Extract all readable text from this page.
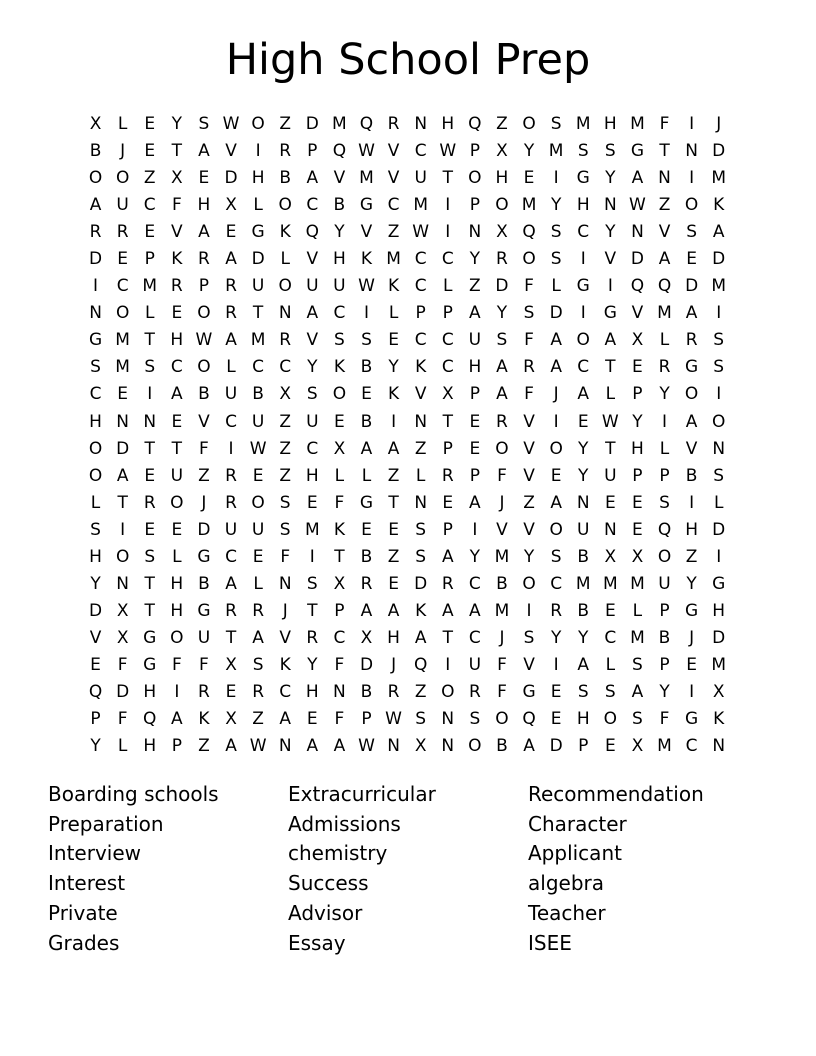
High School Prep
X L E Y S W O Z D M Q R N H Q Z O S M H M F	I	J
B	J	E T A V	I	R P Q W V C W P X Y M S S G T N D
O O Z X E D H B A V M V U T O H E	I	G Y A N	I	M
A U C F H X L O C B G C M	I	P O M Y H N W Z O K
R R E V A E G K Q Y V Z W I	N X Q S C Y N V S A
D E P K R A D L V H K M C C Y R O S	I	V D A E D
I	C M R P R U O U U W K C L Z D F	L G	I	Q Q D M
N O L E O R T N A C	I	L	P P A Y S D	I	G V M A	I
G M T H W A M R V S S E C C U S F A O A X L R S
S M S C O L C C Y K B Y K C H A R A C T E R G S
C E	I	A B U B X S O E K V X P A F	J	A L	P Y O	I
H N N E V C U Z U E B	I	N T E R V	I	E W Y	I	A O
O D T T	F	I W Z C X A A Z P E O V O Y T H L V N
O A E U Z R E Z H L	L Z L R P	F V E Y U P P B S
L	T R O	J	R O S E F G T N E A	J	Z A N E E S	I	L
S	I	E E D U U S M K E E S P	I	V V O U N E Q H D
H O S L G C E F	I	T B Z S A Y M Y S B X X O Z	I
Y N T H B A L N S X R E D R C B O C M M M U Y G
D X T H G R R	J	T P A A K A A M	I	R B E L	P G H
V X G O U T A V R C X H A T C	J	S Y Y C M B	J	D
E F G F	F X S K Y	F D	J	Q	I	U F V	I	A L S P E M
Q D H	I	R E R C H N B R Z O R F G E S S A Y	I	X
P	F Q A K X Z A E F	P W S N S O Q E H O S F G K
Y	L H P Z A W N A A W N X N O B A D P E X M C N
Boarding schools
Preparation
Interview
Interest
Private
Grades
Extracurricular
Admissions
chemistry
Success
Advisor
Essay
Recommendation
Character
Applicant
algebra
Teacher
ISEE
